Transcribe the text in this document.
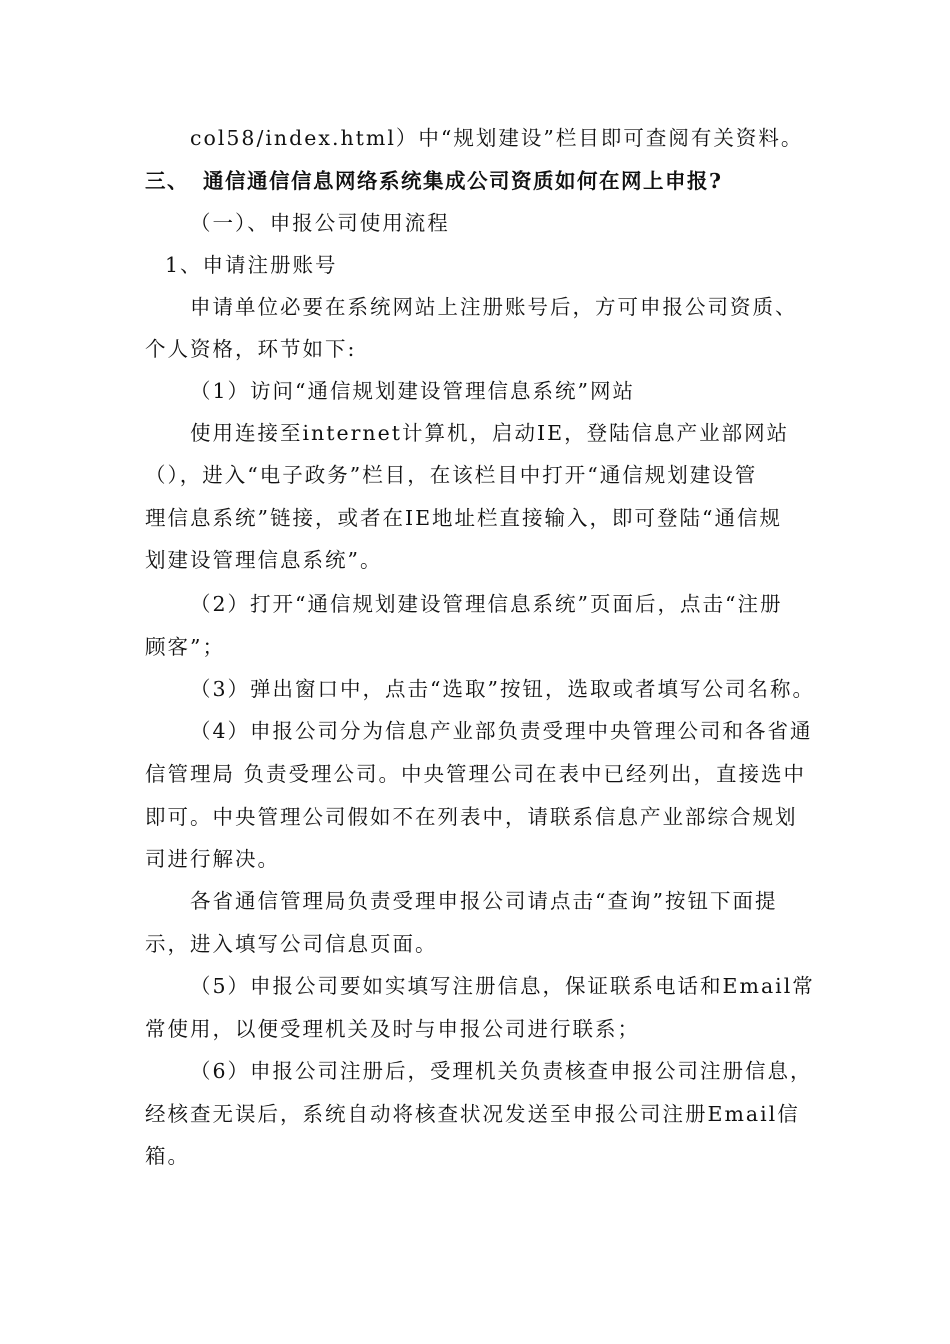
col58/index.html）中“规划建设”栏目即可查阅有关资料。
三、 通信通信信息网络系统集成公司资质如何在网上申报?
（一）、申报公司使用流程
1、申请注册账号
申请单位必要在系统网站上注册账号后，方可申报公司资质、
个人资格，环节如下:
（1）访问“通信规划建设管理信息系统”网站
使用连接至internet计算机，启动IE，登陆信息产业部网站
（），进入“电子政务”栏目，在该栏目中打开“通信规划建设管
理信息系统”链接，或者在IE地址栏直接输入，即可登陆“通信规
划建设管理信息系统”。
（2）打开“通信规划建设管理信息系统”页面后，点击“注册
顾客”；
（3）弹出窗口中，点击“选取”按钮，选取或者填写公司名称。
（4）申报公司分为信息产业部负责受理中央管理公司和各省通
信管理局 负责受理公司。中央管理公司在表中已经列出，直接选中
即可。中央管理公司假如不在列表中，请联系信息产业部综合规划
司进行解决。
各省通信管理局负责受理申报公司请点击“查询”按钮下面提
示，进入填写公司信息页面。
（5）申报公司要如实填写注册信息，保证联系电话和Email常
常使用，以便受理机关及时与申报公司进行联系；
（6）申报公司注册后，受理机关负责核查申报公司注册信息，
经核查无误后，系统自动将核查状况发送至申报公司注册Email信
箱。
